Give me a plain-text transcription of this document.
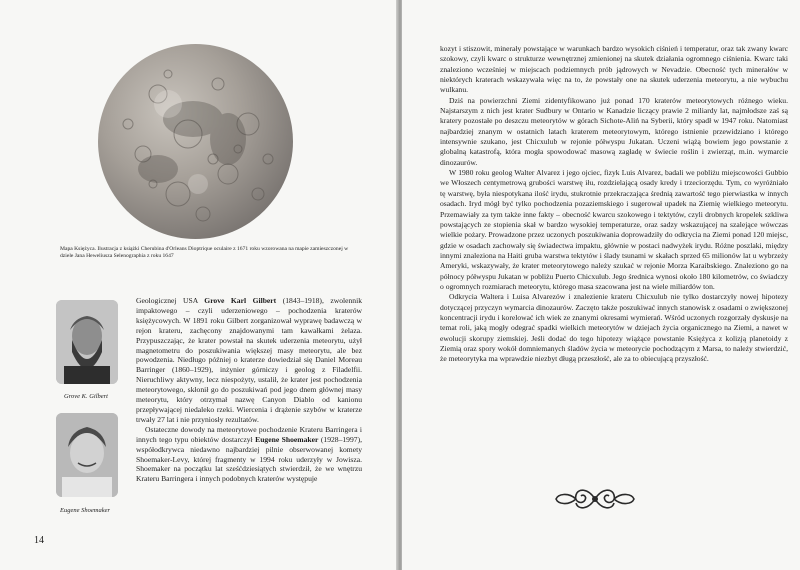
Mapa Księżyca. Ilustracja z książki Cherubina d'Orleans Dioptrique oculaire z 1671 roku wzorowana na mapie zamieszczonej w dziele Jana Heweliusza Selenographia z roku 1647
Grove K. Gilbert
Eugene Shoemaker

Geologicznej USA Grove Karl Gilbert (1843–1918), zwolennik impaktowego – czyli uderzeniowego – pochodzenia kraterów księżycowych. W 1891 roku Gilbert zorganizował wyprawę badawczą w rejon krateru, zachęcony znajdowanymi tam kawałkami żelaza. Przypuszczając, że krater powstał na skutek uderzenia meteorytu, użył magnetometru do poszukiwania większej masy meteorytu, ale bez powodzenia. Niedługo później o kraterze dowiedział się Daniel Moreau Barringer (1860–1929), inżynier górniczy i geolog z Filadelfii. Nieruchliwy aktywny, lecz niespożyty, ustalił, że krater jest pochodzenia meteorytowego, skłonił go do poszukiwań pod jego dnem głównej masy meteorytu, który otrzymał nazwę Canyon Diablo od kanionu przepływającej niedaleko rzeki. Wiercenia i drążenie szybów w kraterze trwały 27 lat i nie przyniosły rezultatów.

Ostateczne dowody na meteorytowe pochodzenie Krateru Barringera i innych tego typu obiektów dostarczył Eugene Shoemaker (1928–1997), współodkrywca niedawno najbardziej pilnie obserwowanej komety Shoemaker-Levy, której fragmenty w 1994 roku uderzyły w Jowisza. Shoemaker na początku lat sześćdziesiątych stwierdził, że we wnętrzu Krateru Barringera i innych podobnych kraterów występuje

14

kozyt i stiszowit, minerały powstające w warunkach bardzo wysokich ciśnień i temperatur, oraz tak zwany kwarc szokowy, czyli kwarc o strukturze wewnętrznej zmienionej na skutek działania ogromnego ciśnienia. Kwarc taki znaleziono wcześniej w miejscach podziemnych prób jądrowych w Nevadzie. Obecność tych minerałów w niektórych kraterach wskazywała więc na to, że powstały one na skutek uderzenia meteorytu, a nie wybuchu wulkanu.

Dziś na powierzchni Ziemi zidentyfikowano już ponad 170 kraterów meteorytowych różnego wieku. Najstarszym z nich jest krater Sudbury w Ontario w Kanadzie liczący prawie 2 miliardy lat, najmłodsze zaś są kratery pozostałe po deszczu meteorytów w górach Sichote-Aliń na Syberii, który spadł w 1947 roku. Natomiast najbardziej znanym w ostatnich latach kraterem meteorytowym, którego istnienie przewidziano i którego intensywnie szukano, jest Chicxulub w rejonie półwyspu Jukatan. Uczeni wiążą bowiem jego powstanie z globalną katastrofą, która mogła spowodować masową zagładę w świecie roślin i zwierząt, m.in. wymarcie dinozaurów.

W 1980 roku geolog Walter Alvarez i jego ojciec, fizyk Luis Alvarez, badali we pobliżu miejscowości Gubbio we Włoszech centymetrową grubości warstwę iłu, rozdzielającą osady kredy i trzeciorzędu. Tym, co wyróżniało tę warstwę, była niespotykana ilość irydu, stukrotnie przekraczająca średnią zawartość tego pierwiastka w innych osadach. Iryd mógł być tylko pochodzenia pozaziemskiego i sugerował upadek na Ziemię wielkiego meteorytu. Przemawiały za tym także inne fakty – obecność kwarcu szokowego i tektytów, czyli drobnych kropelek szkliwa powstających ze stopienia skał w bardzo wysokiej temperaturze, oraz sadzy wskazującej na szalejące wówczas wielkie pożary. Prowadzone przez uczonych poszukiwania doprowadziły do odkrycia na Ziemi ponad 120 miejsc, gdzie w osadach zachowały się świadectwa impaktu, głównie w postaci nadwyżek irydu. Różne poszlaki, między innymi znaleziona na Haiti gruba warstwa tektytów i ślady tsunami w skałach sprzed 65 milionów lat u wybrzeży Ameryki, wskazywały, że krater meteorytowego należy szukać w rejonie Morza Karaibskiego. Znaleziono go na północy półwyspu Jukatan w pobliżu Puerto Chicxulub. Jego średnica wynosi około 180 kilometrów, co świadczy o ogromnych rozmiarach meteorytu, którego masa szacowana jest na wiele miliardów ton.

Odkrycia Waltera i Luisa Alvarezów i znalezienie krateru Chicxulub nie tylko dostarczyły nowej hipotezy dotyczącej przyczyn wymarcia dinozaurów. Zaczęto także poszukiwać innych stanowisk z osadami o zwiększonej koncentracji irydu i korelować ich wiek ze znanymi okresami wymierań. Wśród uczonych rozgorzały dyskusje na temat roli, jaką mogły odegrać spadki wielkich meteorytów w dziejach życia organicznego na Ziemi, a nawet w ewolucji skorupy ziemskiej. Jeśli dodać do tego hipotezy wiążące powstanie Księżyca z kolizją planetoidy z Ziemią oraz spory wokół domniemanych śladów życia w meteorycie pochodzącym z Marsa, to należy stwierdzić, że meteorytyka ma wprawdzie niezbyt długą przeszłość, ale za to obiecującą przyszłość.
